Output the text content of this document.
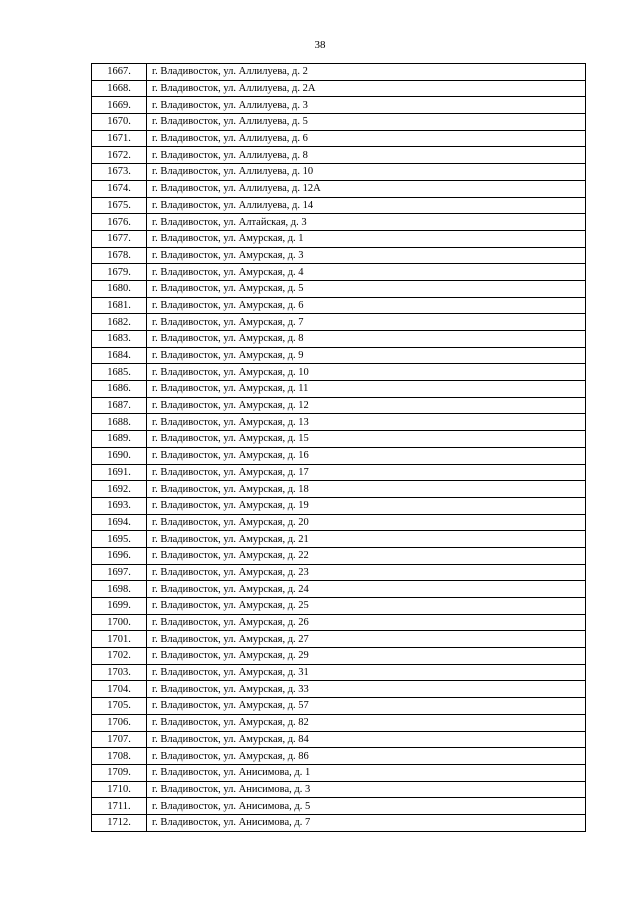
38
1667.	г. Владивосток, ул. Аллилуева, д. 2
1668.	г. Владивосток, ул. Аллилуева, д. 2А
1669.	г. Владивосток, ул. Аллилуева, д. 3
1670.	г. Владивосток, ул. Аллилуева, д. 5
1671.	г. Владивосток, ул. Аллилуева, д. 6
1672.	г. Владивосток, ул. Аллилуева, д. 8
1673.	г. Владивосток, ул. Аллилуева, д. 10
1674.	г. Владивосток, ул. Аллилуева, д. 12А
1675.	г. Владивосток, ул. Аллилуева, д. 14
1676.	г. Владивосток, ул. Алтайская, д. 3
1677.	г. Владивосток, ул. Амурская, д. 1
1678.	г. Владивосток, ул. Амурская, д. 3
1679.	г. Владивосток, ул. Амурская, д. 4
1680.	г. Владивосток, ул. Амурская, д. 5
1681.	г. Владивосток, ул. Амурская, д. 6
1682.	г. Владивосток, ул. Амурская, д. 7
1683.	г. Владивосток, ул. Амурская, д. 8
1684.	г. Владивосток, ул. Амурская, д. 9
1685.	г. Владивосток, ул. Амурская, д. 10
1686.	г. Владивосток, ул. Амурская, д. 11
1687.	г. Владивосток, ул. Амурская, д. 12
1688.	г. Владивосток, ул. Амурская, д. 13
1689.	г. Владивосток, ул. Амурская, д. 15
1690.	г. Владивосток, ул. Амурская, д. 16
1691.	г. Владивосток, ул. Амурская, д. 17
1692.	г. Владивосток, ул. Амурская, д. 18
1693.	г. Владивосток, ул. Амурская, д. 19
1694.	г. Владивосток, ул. Амурская, д. 20
1695.	г. Владивосток, ул. Амурская, д. 21
1696.	г. Владивосток, ул. Амурская, д. 22
1697.	г. Владивосток, ул. Амурская, д. 23
1698.	г. Владивосток, ул. Амурская, д. 24
1699.	г. Владивосток, ул. Амурская, д. 25
1700.	г. Владивосток, ул. Амурская, д. 26
1701.	г. Владивосток, ул. Амурская, д. 27
1702.	г. Владивосток, ул. Амурская, д. 29
1703.	г. Владивосток, ул. Амурская, д. 31
1704.	г. Владивосток, ул. Амурская, д. 33
1705.	г. Владивосток, ул. Амурская, д. 57
1706.	г. Владивосток, ул. Амурская, д. 82
1707.	г. Владивосток, ул. Амурская, д. 84
1708.	г. Владивосток, ул. Амурская, д. 86
1709.	г. Владивосток, ул. Анисимова, д. 1
1710.	г. Владивосток, ул. Анисимова, д. 3
1711.	г. Владивосток, ул. Анисимова, д. 5
1712.	г. Владивосток, ул. Анисимова, д. 7
